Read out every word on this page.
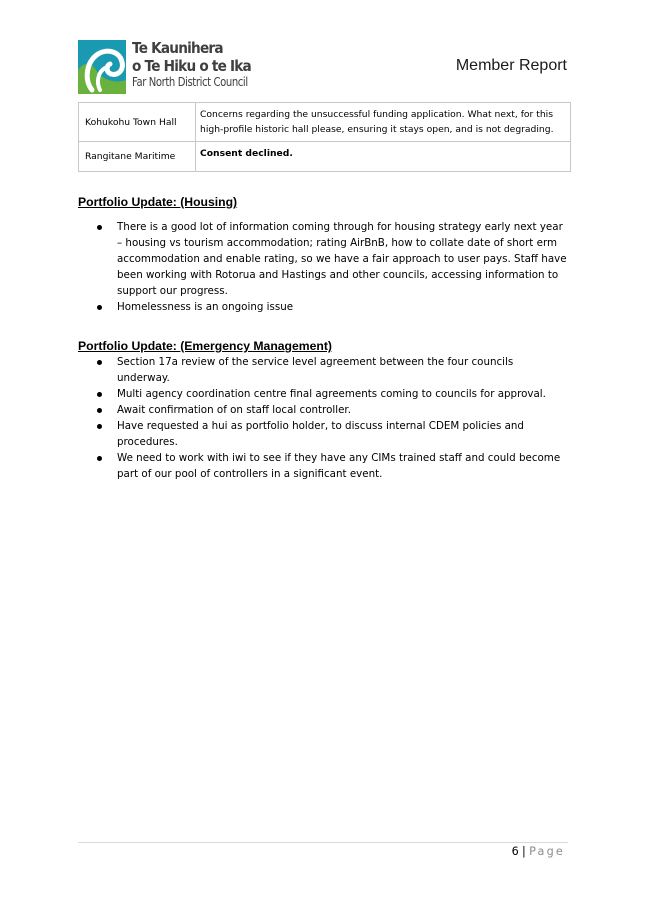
Te Kaunihera
o Te Hiku o te Ika
Far North District Council
Member Report
Kohukohu Town Hall	Concerns regarding the unsuccessful funding application. What next, for this high-profile historic hall please, ensuring it stays open, and is not degrading.
Rangitane Maritime	Consent declined.
Portfolio Update: (Housing)
There is a good lot of information coming through for housing strategy early next year – housing vs tourism accommodation; rating AirBnB, how to collate date of short erm accommodation and enable rating, so we have a fair approach to user pays. Staff have been working with Rotorua and Hastings and other councils, accessing information to support our progress.
Homelessness is an ongoing issue
Portfolio Update: (Emergency Management)
Section 17a review of the service level agreement between the four councils underway.
Multi agency coordination centre final agreements coming to councils for approval.
Await confirmation of on staff local controller.
Have requested a hui as portfolio holder, to discuss internal CDEM policies and procedures.
We need to work with iwi to see if they have any CIMs trained staff and could become part of our pool of controllers in a significant event.
6 | Page
